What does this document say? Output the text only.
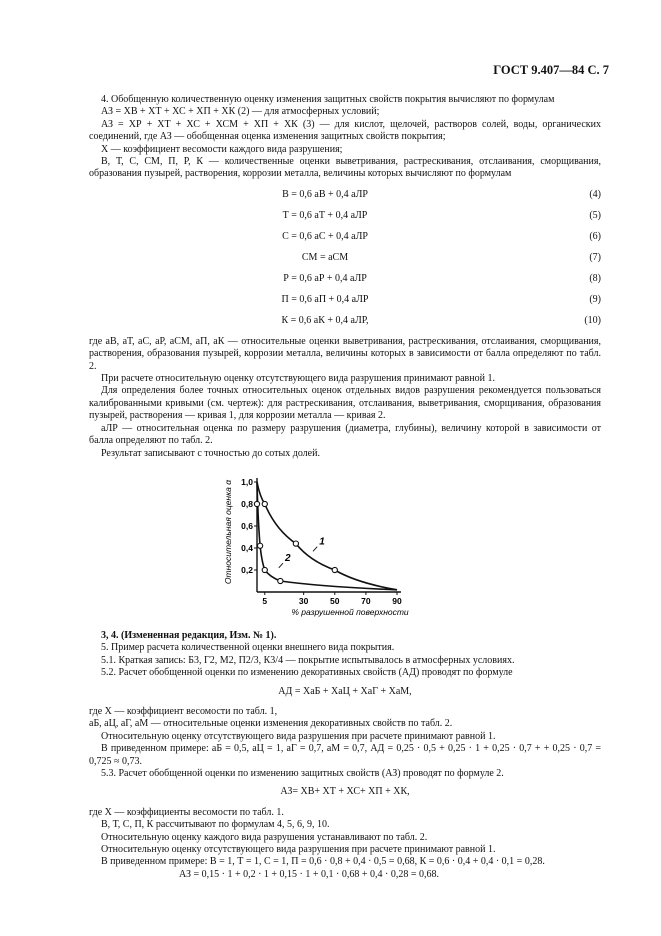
ГОСТ 9.407—84 С. 7

4. Обобщенную количественную оценку изменения защитных свойств покрытия вычисляют по формулам

АЗ = ХВ + ХТ + ХС + ХП + ХК (2) — для атмосферных условий;

АЗ = ХР + ХТ + ХС + ХСМ + ХП + ХК (3) — для кислот, щелочей, растворов солей, воды, органических соединений, где АЗ — обобщенная оценка изменения защитных свойств покрытия;

Х — коэффициент весомости каждого вида разрушения;

В, Т, С, СМ, П, Р, К — количественные оценки выветривания, растрескивания, отслаивания, сморщивания, образования пузырей, растворения, коррозии металла, величины которых вычисляют по формулам

В = 0,6 аВ + 0,4 аЛР	(4)
Т = 0,6 аТ + 0,4 аЛР	(5)
С = 0,6 аС + 0,4 аЛР	(6)
СМ = аСМ	(7)
Р = 0,6 аР + 0,4 аЛР	(8)
П = 0,6 аП + 0,4 аЛР	(9)
К = 0,6 аК + 0,4 аЛР,	(10)

где аВ, аТ, аС, аР, аСМ, аП, аК — относительные оценки выветривания, растрескивания, отслаивания, сморщивания, растворения, образования пузырей, коррозии металла, величины которых в зависимости от балла определяют по табл. 2.

При расчете относительную оценку отсутствующего вида разрушения принимают равной 1.

Для определения более точных относительных оценок отдельных видов разрушения рекомендуется пользоваться калиброванными кривыми (см. чертеж): для растрескивания, отслаивания, выветривания, сморщивания, образования пузырей, растворения — кривая 1, для коррозии металла — кривая 2.

аЛР — относительная оценка по размеру разрушения (диаметра, глубины), величину которой в зависимости от балла определяют по табл. 2.

Результат записывают с точностью до сотых долей.

Относительная оценка α 1,0
0,8
0,6
0,4
0,2
5	30	50	70	90
1
2
% разрушенной поверхности

3, 4. (Измененная редакция, Изм. № 1).

5. Пример расчета количественной оценки внешнего вида покрытия.

5.1. Краткая запись: Б3, Г2, М2, П2/3, К3/4 — покрытие испытывалось в атмосферных условиях.

5.2. Расчет обобщенной оценки по изменению декоративных свойств (АД) проводят по формуле

АД = ХаБ + ХаЦ + ХаГ + ХаМ,

где Х — коэффициент весомости по табл. 1,

аБ, аЦ, аГ, аМ — относительные оценки изменения декоративных свойств по табл. 2.

Относительную оценку отсутствующего вида разрушения при расчете принимают равной 1.

В приведенном примере: аБ = 0,5, аЦ = 1, аГ = 0,7, аМ = 0,7, АД = 0,25 · 0,5 + 0,25 · 1 + 0,25 · 0,7 + + 0,25 · 0,7 = 0,725 ≈ 0,73.

5.3. Расчет обобщенной оценки по изменению защитных свойств (АЗ) проводят по формуле 2.

АЗ= ХВ+ ХТ + ХС+ ХП + ХК,

где Х — коэффициенты весомости по табл. 1.

В, Т, С, П, К рассчитывают по формулам 4, 5, 6, 9, 10.

Относительную оценку каждого вида разрушения устанавливают по табл. 2.

Относительную оценку отсутствующего вида разрушения при расчете принимают равной 1.

В приведенном примере: В = 1, Т = 1, С = 1, П = 0,6 · 0,8 + 0,4 · 0,5 = 0,68, К = 0,6 · 0,4 + 0,4 · 0,1 = 0,28.

АЗ = 0,15 · 1 + 0,2 · 1 + 0,15 · 1 + 0,1 · 0,68 + 0,4 · 0,28 = 0,68.
